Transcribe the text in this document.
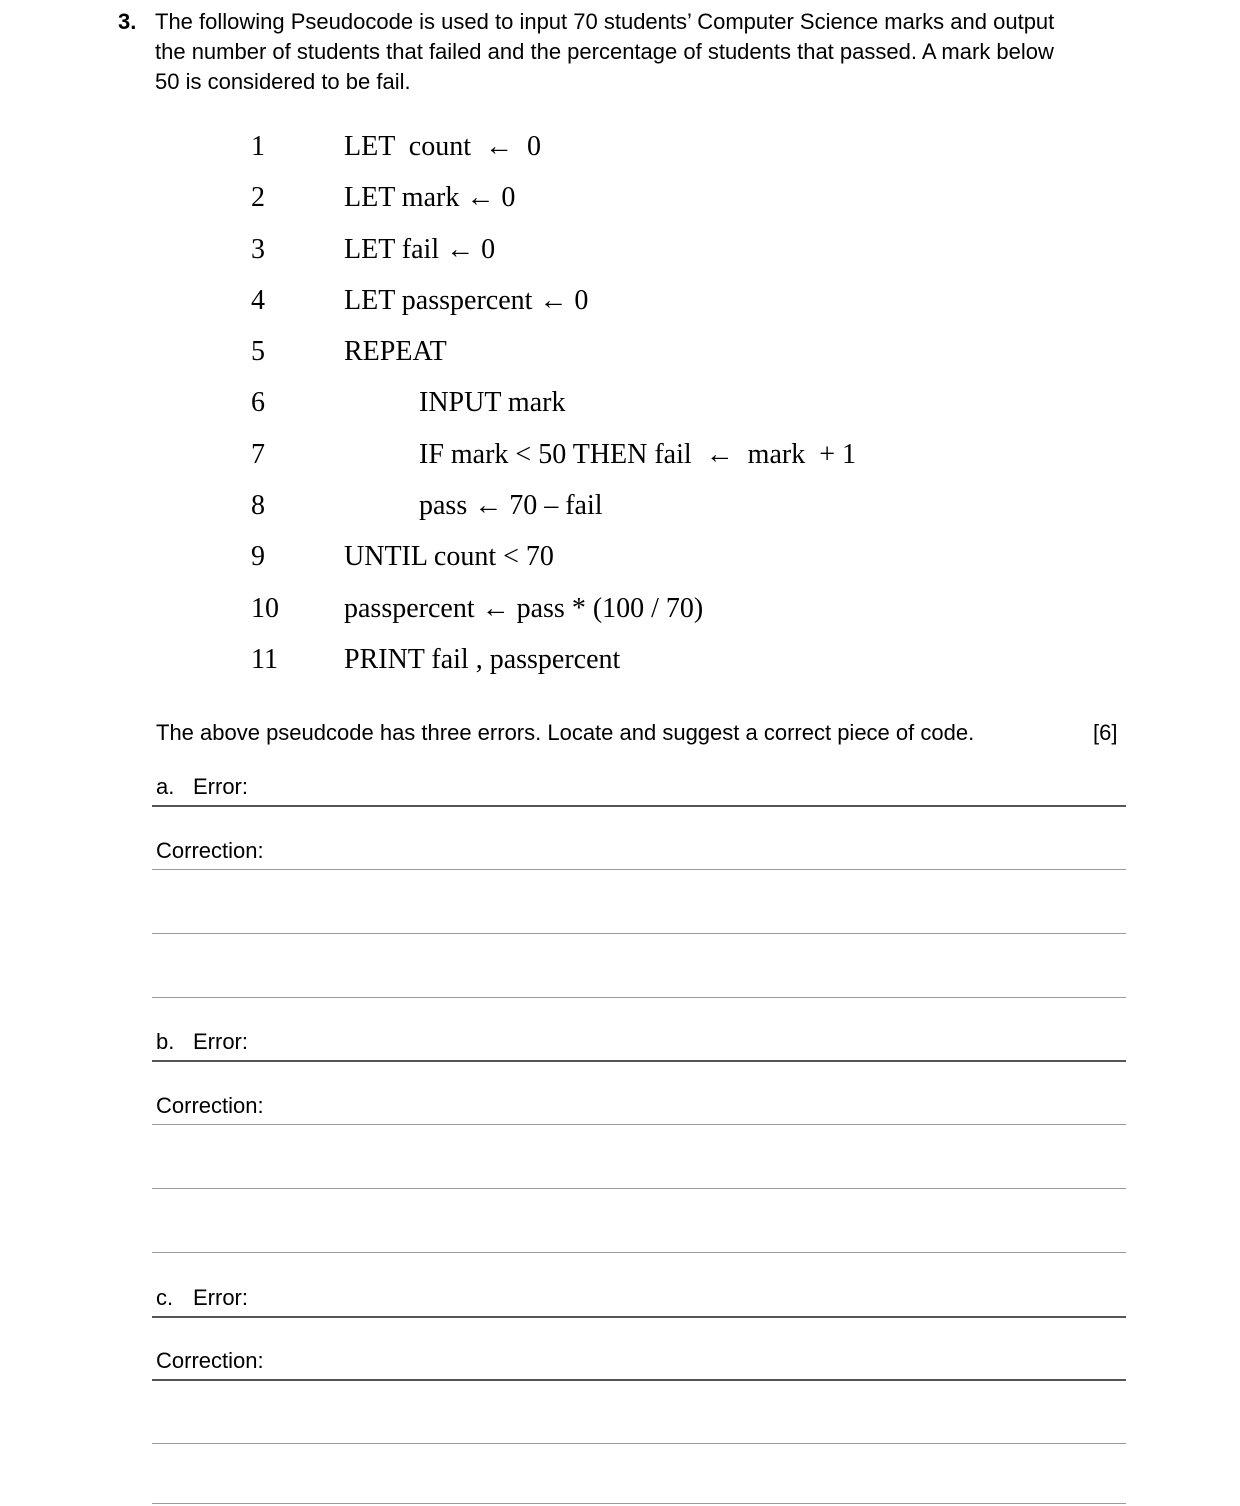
3. The following Pseudocode is used to input 70 students’ Computer Science marks and output
the number of students that failed and the percentage of students that passed. A mark below
50 is considered to be fail.
1	LET  count  ←  0
2	LET mark ← 0
3	LET fail ← 0
4	LET passpercent ← 0
5	REPEAT
6	INPUT mark
7	IF mark < 50 THEN fail  ←  mark  + 1
8	pass ← 70 – fail
9	UNTIL count < 70
10 passpercent ← pass * (100 / 70)
11 PRINT fail , passpercent
The above pseudcode has three errors. Locate and suggest a correct piece of code.	[6]
a. Error:
Correction:
b. Error:
Correction:
c. Error:
Correction:
